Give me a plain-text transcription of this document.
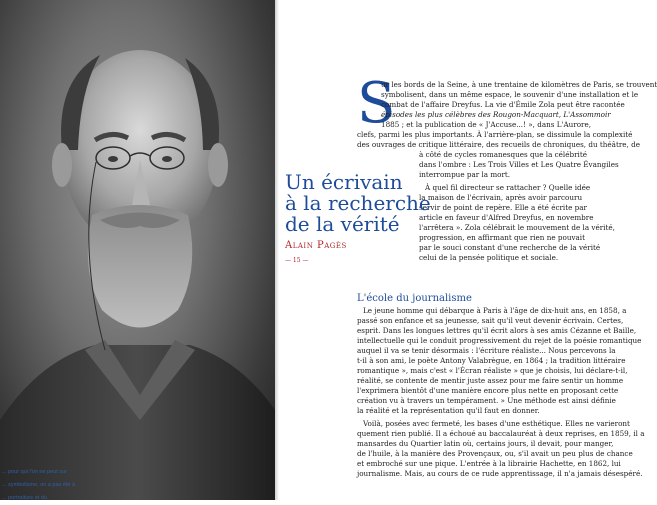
... pour qui l'on ne peut sur
... symbolisme, on a pas été à
... portraiture et du
S
ur les bords de la Seine, à une trentaine de kilomètres de Paris, se trouvent
symbolisent, dans un même espace, le souvenir d'une installation et le
combat de l'affaire Dreyfus. La vie d'Émile Zola peut être racontée
épisodes les plus célèbres des Rougon-Macquart, L'Assommoir
1885 ; et la publication de « J'Accuse...! », dans L'Aurore,
clefs, parmi les plus importants. À l'arrière-plan, se dissimule la complexité
des ouvrages de critique littéraire, des recueils de chroniques, du théâtre, de
à côté de cycles romanesques que la célébrité
dans l'ombre : Les Trois Villes et Les Quatre Évangiles
interrompue par la mort.
À quel fil directeur se rattacher ? Quelle idée
la maison de l'écrivain, après avoir parcouru
servir de point de repère. Elle a été écrite par
article en faveur d'Alfred Dreyfus, en novembre
l'arrêtera ». Zola célébrait le mouvement de la vérité,
progression, en affirmant que rien ne pouvait
par le souci constant d'une recherche de la vérité
celui de la pensée politique et sociale.
Un écrivain
à la recherche
de la vérité
Alain Pagès
— 15 —
L'école du journalisme
Le jeune homme qui débarque à Paris à l'âge de dix-huit ans, en 1858, a
passé son enfance et sa jeunesse, sait qu'il veut devenir écrivain. Certes,
esprit. Dans les longues lettres qu'il écrit alors à ses amis Cézanne et Baille,
intellectuelle qui le conduit progressivement du rejet de la poésie romantique
auquel il va se tenir désormais : l'écriture réaliste... Nous percevons la
t-il à son ami, le poète Antony Valabrègue, en 1864 ; la tradition littéraire
romantique », mais c'est « l'Écran réaliste » que je choisis, lui déclare-t-il,
réalité, se contente de mentir juste assez pour me faire sentir un homme
l'exprimera bientôt d'une manière encore plus nette en proposant cette
création vu à travers un tempérament. » Une méthode est ainsi définie
la réalité et la représentation qu'il faut en donner.
Voilà, posées avec fermeté, les bases d'une esthétique. Elles ne varieront
quement rien publié. Il a échoué au baccalauréat à deux reprises, en 1859, il a
mansardes du Quartier latin où, certains jours, il devait, pour manger,
de l'huile, à la manière des Provençaux, ou, s'il avait un peu plus de chance
et embroché sur une pique. L'entrée à la librairie Hachette, en 1862, lui
journalisme. Mais, au cours de ce rude apprentissage, il n'a jamais désespéré.
